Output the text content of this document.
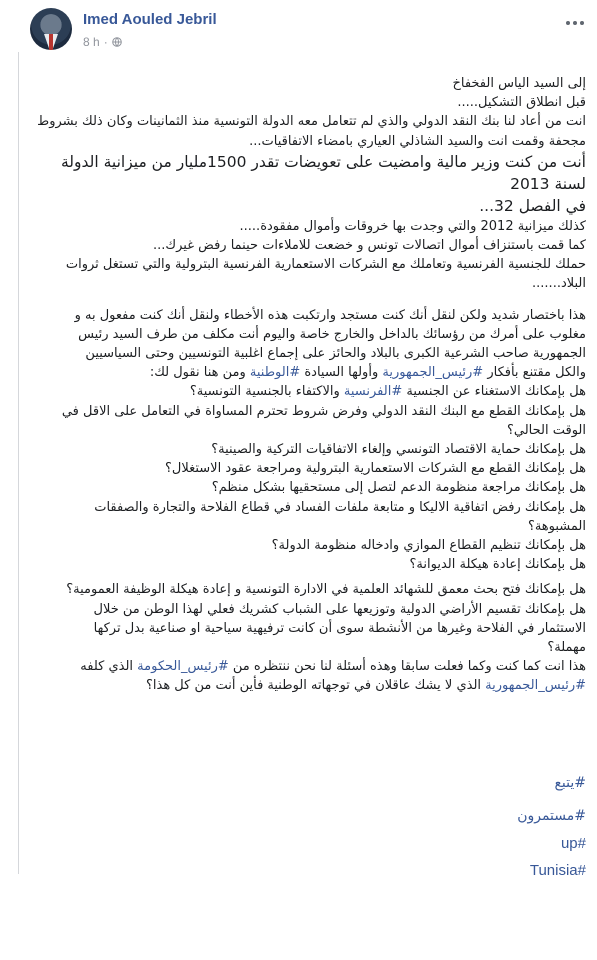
Imed Aouled Jebril
8 h ·

إلى السيد الياس الفخفاخ

قبل انطلاق التشكيل.....

انت من أعاد لنا بنك النقد الدولي والذي لم تتعامل معه الدولة التونسية منذ الثمانينات وكان ذلك بشروط

مجحفة وقمت انت والسيد الشاذلي العياري بامضاء الاتفاقيات...

أنت من كنت وزير مالية وامضيت على تعويضات تقدر 1500مليار من ميزانية الدولة لسنة 2013

في الفصل 32...

كذلك ميزانية 2012 والتي وجدت بها خروقات وأموال مفقودة.....

كما قمت باستنزاف أموال اتصالات تونس و خضعت للاملاءات حينما رفض غيرك...

حملك للجنسية الفرنسية وتعاملك مع الشركات الاستعمارية الفرنسية البترولية والتي تستغل ثروات

البلاد.......

هذا باختصار شديد ولكن لنقل أنك كنت مستجد وارتكبت هذه الأخطاء ولنقل أنك كنت مفعول به و

مغلوب على أمرك من رؤسائك بالداخل والخارج خاصة واليوم أنت مكلف من طرف السيد رئيس

الجمهورية صاحب الشرعية الكبرى بالبلاد والحائز على إجماع اغلبية التونسيين وحتى السياسيين

والكل مقتنع بأفكار #رئيس_الجمهورية وأولها السيادة #الوطنية ومن هنا نقول لك:

هل بإمكانك الاستغناء عن الجنسية #الفرنسية والاكتفاء بالجنسية التونسية؟

هل بإمكانك القطع مع البنك النقد الدولي وفرض شروط تحترم المساواة في التعامل على الاقل في

الوقت الحالي؟

هل بإمكانك حماية الاقتصاد التونسي وإلغاء الاتفاقيات التركية والصينية؟

هل بإمكانك القطع مع الشركات الاستعمارية البترولية ومراجعة عقود الاستغلال؟

هل بإمكانك مراجعة منظومة الدعم لتصل إلى مستحقيها بشكل منظم؟

هل بإمكانك رفض اتفاقية الاليكا و متابعة ملفات الفساد في قطاع الفلاحة والتجارة والصفقات

المشبوهة؟

هل بإمكانك تنظيم القطاع الموازي وادخاله منظومة الدولة؟

هل بإمكانك إعادة هيكلة الديوانة؟

هل بإمكانك فتح بحث معمق للشهائد العلمية في الادارة التونسية و إعادة هيكلة الوظيفة العمومية؟

هل بإمكانك تقسيم الأراضي الدولية وتوزيعها على الشباب كشريك فعلي لهذا الوطن من خلال

الاستثمار في الفلاحة وغيرها من الأنشطة سوى أن كانت ترفيهية سياحية او صناعية بدل تركها

مهملة؟

هذا انت كما كنت وكما فعلت سابقا وهذه أسئلة لنا نحن ننتظره من #رئيس_الحكومة الذي كلفه

#رئيس_الجمهورية الذي لا يشك عاقلان في توجهاته الوطنية فأين أنت من كل هذا؟

#يتبع
#مستمرون
#up
#Tunisia
